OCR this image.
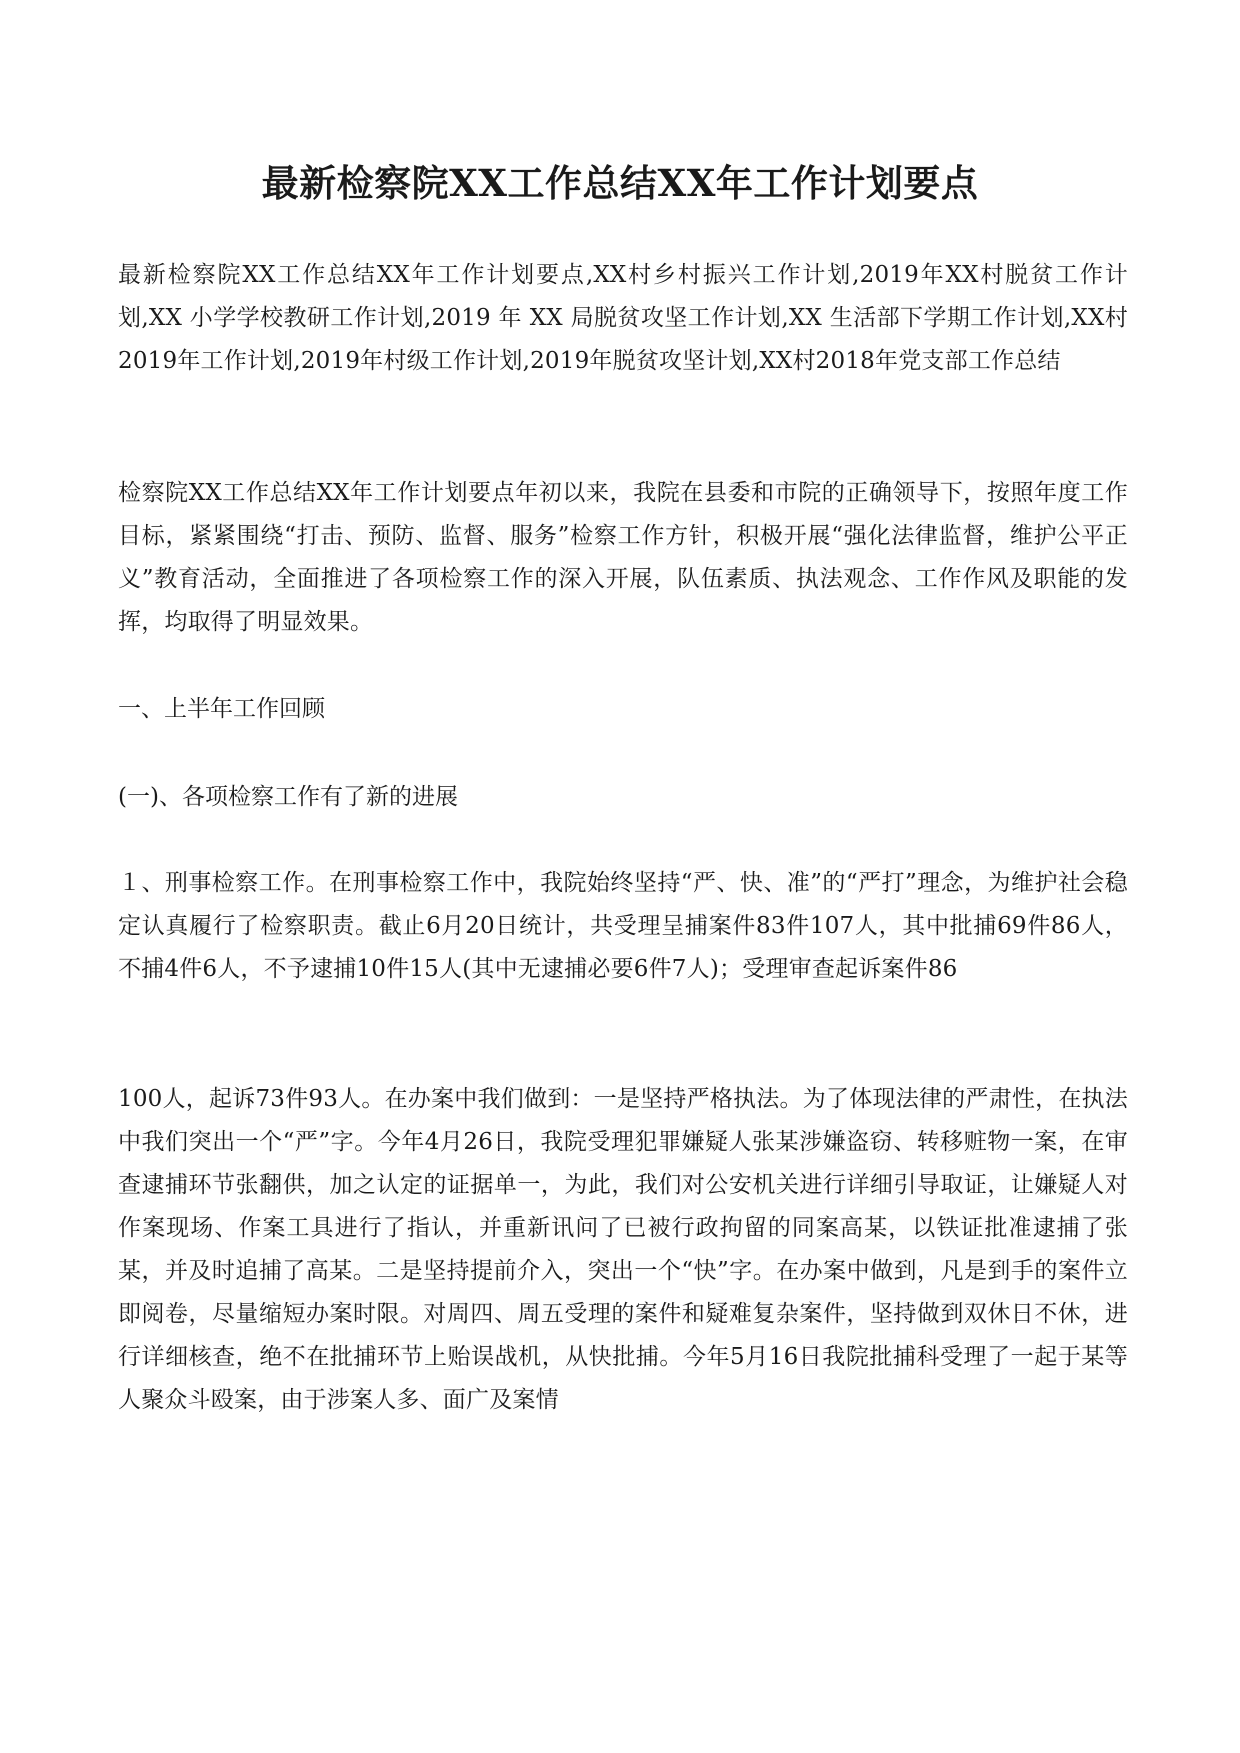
最新检察院XX工作总结XX年工作计划要点

最新检察院XX工作总结XX年工作计划要点,XX村乡村振兴工作计划,2019年XX村脱贫工作计划,XX 小学学校教研工作计划,2019 年 XX 局脱贫攻坚工作计划,XX 生活部下学期工作计划,XX村2019年工作计划,2019年村级工作计划,2019年脱贫攻坚计划,XX村2018年党支部工作总结

检察院XX工作总结XX年工作计划要点年初以来，我院在县委和市院的正确领导下，按照年度工作目标，紧紧围绕“打击、预防、监督、服务”检察工作方针，积极开展“强化法律监督，维护公平正义”教育活动，全面推进了各项检察工作的深入开展，队伍素质、执法观念、工作作风及职能的发挥，均取得了明显效果。

一、上半年工作回顾

(一)、各项检察工作有了新的进展

１、刑事检察工作。在刑事检察工作中，我院始终坚持“严、快、准”的“严打”理念，为维护社会稳定认真履行了检察职责。截止6月20日统计，共受理呈捕案件83件107人，其中批捕69件86人，不捕4件6人，不予逮捕10件15人(其中无逮捕必要6件7人)；受理审查起诉案件86

100人，起诉73件93人。在办案中我们做到：一是坚持严格执法。为了体现法律的严肃性，在执法中我们突出一个“严”字。今年4月26日，我院受理犯罪嫌疑人张某涉嫌盗窃、转移赃物一案，在审查逮捕环节张翻供，加之认定的证据单一，为此，我们对公安机关进行详细引导取证，让嫌疑人对作案现场、作案工具进行了指认，并重新讯问了已被行政拘留的同案高某，以铁证批准逮捕了张某，并及时追捕了高某。二是坚持提前介入，突出一个“快”字。在办案中做到，凡是到手的案件立即阅卷，尽量缩短办案时限。对周四、周五受理的案件和疑难复杂案件，坚持做到双休日不休，进行详细核查，绝不在批捕环节上贻误战机，从快批捕。今年5月16日我院批捕科受理了一起于某等人聚众斗殴案，由于涉案人多、面广及案情
